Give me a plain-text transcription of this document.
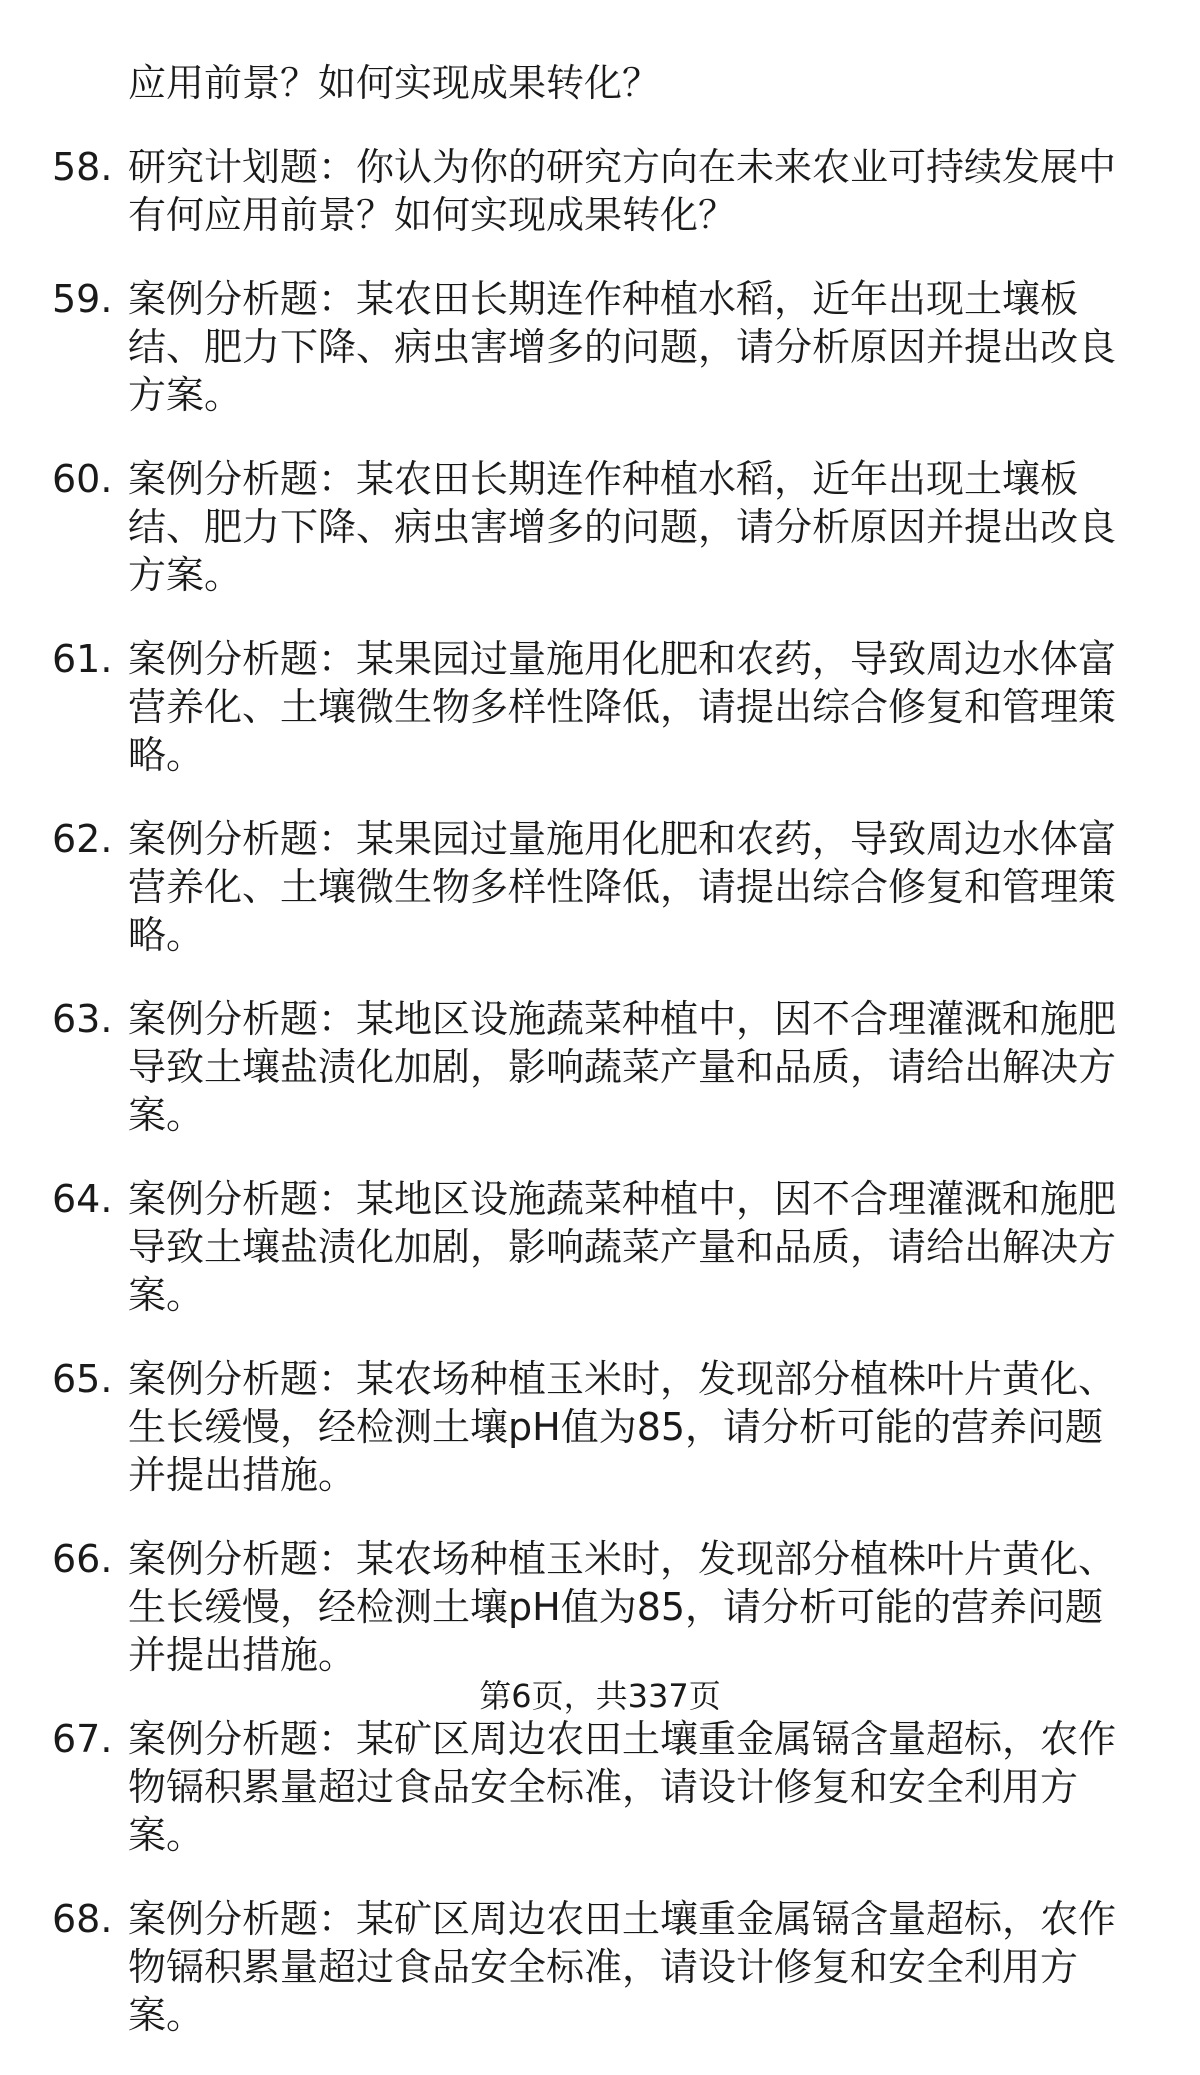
应用前景？如何实现成果转化？
58. 研究计划题：你认为你的研究方向在未来农业可持续发展中有何应用前景？如何实现成果转化？
59. 案例分析题：某农田长期连作种植水稻，近年出现土壤板结、肥力下降、病虫害增多的问题，请分析原因并提出改良方案。
60. 案例分析题：某农田长期连作种植水稻，近年出现土壤板结、肥力下降、病虫害增多的问题，请分析原因并提出改良方案。
61. 案例分析题：某果园过量施用化肥和农药，导致周边水体富营养化、土壤微生物多样性降低，请提出综合修复和管理策略。
62. 案例分析题：某果园过量施用化肥和农药，导致周边水体富营养化、土壤微生物多样性降低，请提出综合修复和管理策略。
63. 案例分析题：某地区设施蔬菜种植中，因不合理灌溉和施肥导致土壤盐渍化加剧，影响蔬菜产量和品质，请给出解决方案。
64. 案例分析题：某地区设施蔬菜种植中，因不合理灌溉和施肥导致土壤盐渍化加剧，影响蔬菜产量和品质，请给出解决方案。
65. 案例分析题：某农场种植玉米时，发现部分植株叶片黄化、生长缓慢，经检测土壤pH值为85，请分析可能的营养问题并提出措施。
66. 案例分析题：某农场种植玉米时，发现部分植株叶片黄化、生长缓慢，经检测土壤pH值为85，请分析可能的营养问题并提出措施。
67. 案例分析题：某矿区周边农田土壤重金属镉含量超标，农作物镉积累量超过食品安全标准，请设计修复和安全利用方案。
68. 案例分析题：某矿区周边农田土壤重金属镉含量超标，农作物镉积累量超过食品安全标准，请设计修复和安全利用方案。
第6页，共337页
